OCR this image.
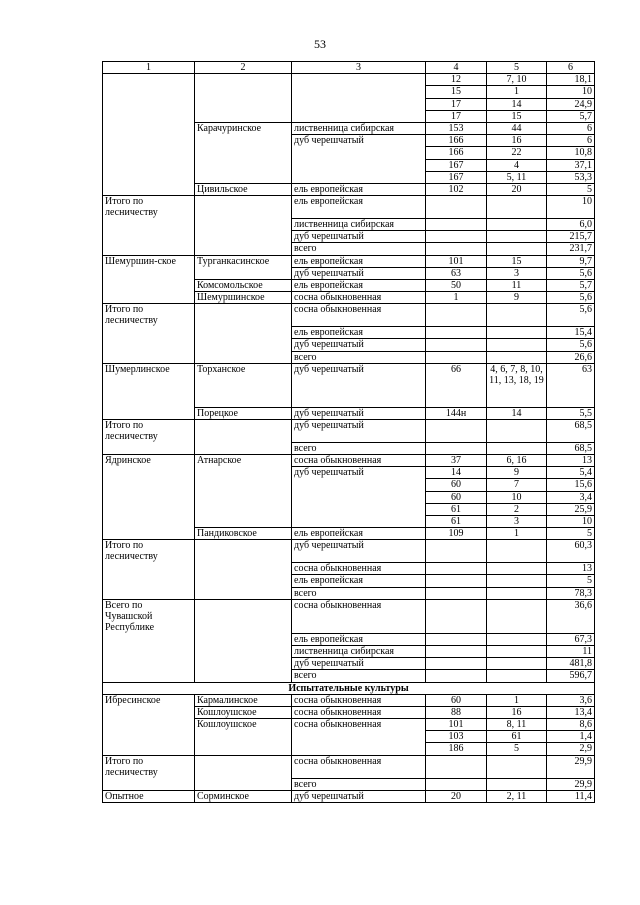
53
1	2	3	4	5	6
			12	7, 10	18,1
			15	1	10
			17	14	24,9
			17	15	5,7
	Карачуринское	лиственница сибирская	153	44	6
		дуб черешчатый	166	16	6
			166	22	10,8
			167	4	37,1
			167	5, 11	53,3
	Цивильское	ель европейская	102	20	5
Итого по лесничеству		ель европейская			10
		лиственница сибирская			6,0
		дуб черешчатый			215,7
		всего			231,7
Шемуршин-ское	Турганкасинское	ель европейская	101	15	9,7
		дуб черешчатый	63	3	5,6
	Комсомольское	ель европейская	50	11	5,7
	Шемуршинское	сосна обыкновенная	1	9	5,6
Итого по лесничеству		сосна обыкновенная			5,6
		ель европейская			15,4
		дуб черешчатый			5,6
		всего			26,6
Шумерлинское	Торханское	дуб черешчатый	66	4, 6, 7, 8, 10, 11, 13, 18, 19	63
	Порецкое	дуб черешчатый	144н	14	5,5
Итого по лесничеству		дуб черешчатый			68,5
		всего			68,5
Ядринское	Атнарское	сосна обыкновенная	37	6, 16	13
		дуб черешчатый	14	9	5,4
			60	7	15,6
			60	10	3,4
			61	2	25,9
			61	3	10
	Пандиковское	ель европейская	109	1	5
Итого по лесничеству		дуб черешчатый			60,3
		сосна обыкновенная			13
		ель европейская			5
		всего			78,3
Всего по Чувашской Республике		сосна обыкновенная			36,6
		ель европейская			67,3
		лиственница сибирская			11
		дуб черешчатый			481,8
		всего			596,7
Испытательные культуры					
Ибресинское	Кармалинское	сосна обыкновенная	60	1	3,6
	Кошлоушское	сосна обыкновенная	88	16	13,4
	Кошлоушское	сосна обыкновенная	101	8, 11	8,6
			103	61	1,4
			186	5	2,9
Итого по лесничеству		сосна обыкновенная			29,9
		всего			29,9
Опытное	Сорминское	дуб черешчатый	20	2, 11	11,4
